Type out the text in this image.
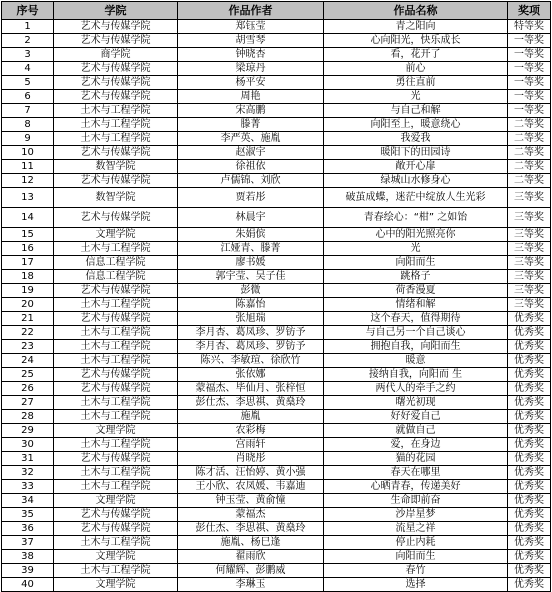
序号	学院	作品作者	作品名称	奖项
1	艺术与传媒学院	郑钰莹	青之阳向	特等奖
2	艺术与传媒学院	胡雪琴	心向阳光，快乐成长	一等奖
3	商学院	钟晓杏	看，花开了	一等奖
4	艺术与传媒学院	梁琼丹	前心	一等奖
5	艺术与传媒学院	杨平安	勇往直前	一等奖
6	艺术与传媒学院	周艳	光	一等奖
7	土木与工程学院	宋高鹏	与自己和解	一等奖
8	土木与工程学院	滕菁	向阳至上，暖意绕心	二等奖
9	土木与工程学院	李严英、施胤	我爱我	二等奖
10	艺术与传媒学院	赵淑宇	暖阳下的田园诗	二等奖
11	数智学院	徐祖依	敞开心扉	二等奖
12	艺术与传媒学院	卢儒锦、刘欣	绿城山水修身心	二等奖
13	数智学院	贾若彤	破茧成蝶，迷茫中绽放人生光彩	三等奖
14	艺术与传媒学院	林晨宇	青春绘心：“柑” 之如饴	三等奖
15	文理学院	朱娟傧	心中的阳光照亮你	三等奖
16	土木与工程学院	江娅青、滕菁	光	三等奖
17	信息工程学院	廖书媛	向阳而生	三等奖
18	信息工程学院	郭宇莹、吴子佳	跳格子	三等奖
19	艺术与传媒学院	彭微	荷香漫夏	三等奖
20	土木与工程学院	陈嘉怡	情绪和解	三等奖
21	艺术与传媒学院	张旭瑞	这个春天，值得期待	优秀奖
22	土木与工程学院	李月杏、葛凤珍、罗钫予	与自己另一个自己谈心	优秀奖
23	土木与工程学院	李月杏、葛凤珍、罗钫予	拥抱自我，向阳而生	优秀奖
24	土木与工程学院	陈兴、李敏瑄、徐欣竹	暖意	优秀奖
25	艺术与传媒学院	张依娜	接纳自我，向阳而 生	优秀奖
26	艺术与传媒学院	蒙福杰、毕仙月、张梓恒	两代人的牵手之约	优秀奖
27	土木与工程学院	彭仕杰、李思祺、黄燊玲	曙光初现	优秀奖
28	土木与工程学院	施胤	好好爱自己	优秀奖
29	文理学院	农彩梅	就做自己	优秀奖
30	土木与工程学院	宫雨轩	爱，在身边	优秀奖
31	艺术与传媒学院	肖晓彤	猫的花园	优秀奖
32	土木与工程学院	陈才活、汪怡婷、黄小强	春天在哪里	优秀奖
33	土木与工程学院	王小欣、农凤媛、韦嘉迪	心晒青春，传递美好	优秀奖
34	文理学院	钟玉莹、黄俞憧	生命即前奋	优秀奖
35	艺术与传媒学院	蒙福杰	沙岸星梦	优秀奖
36	艺术与传媒学院	彭仕杰、李思祺、黄燊玲	流星之祥	优秀奖
37	土木与工程学院	施胤、杨巳逢	停止内耗	优秀奖
38	文理学院	翟雨欣	向阳而生	优秀奖
39	土木与工程学院	何耀辉、彭鹏威	春竹	优秀奖
40	文理学院	李琳玉	选择	优秀奖
